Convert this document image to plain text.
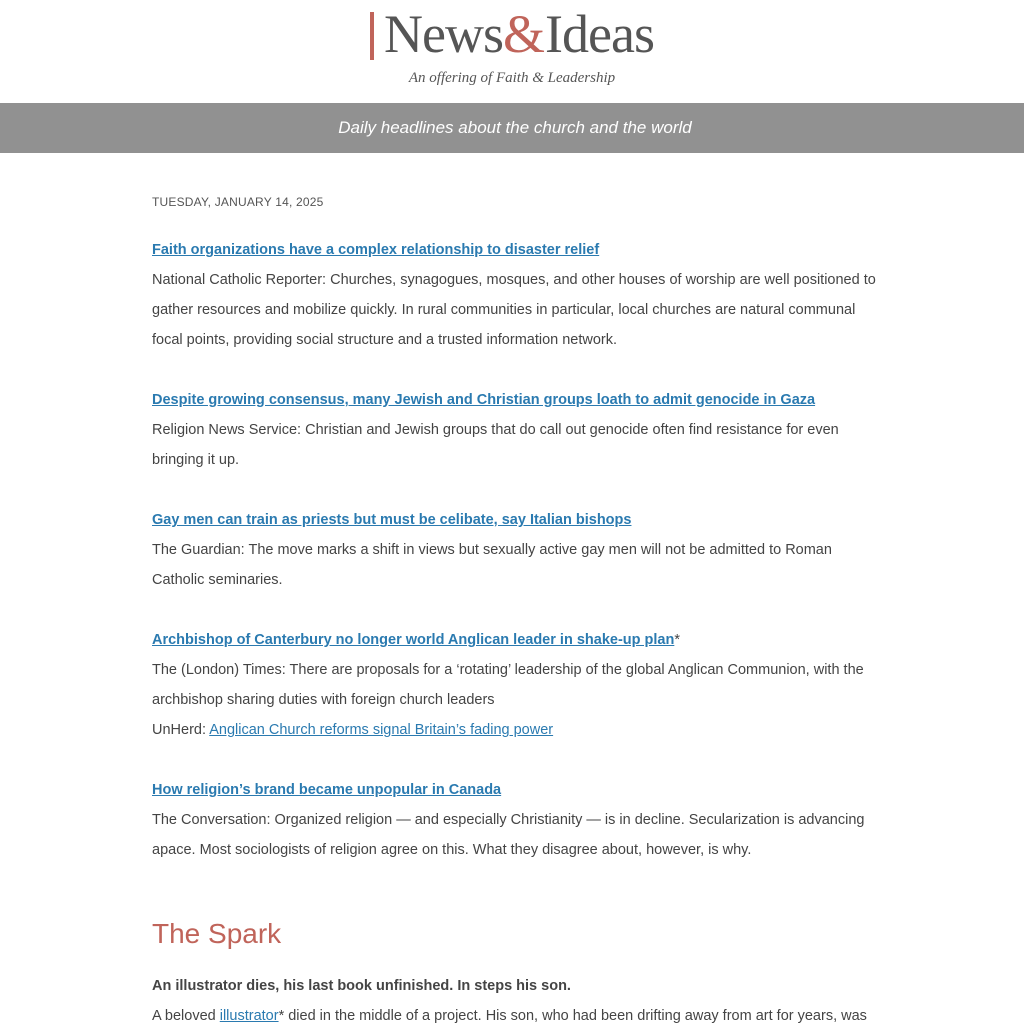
News & Ideas
An offering of Faith & Leadership
Daily headlines about the church and the world
TUESDAY, JANUARY 14, 2025
Faith organizations have a complex relationship to disaster relief
National Catholic Reporter: Churches, synagogues, mosques, and other houses of worship are well positioned to gather resources and mobilize quickly. In rural communities in particular, local churches are natural communal focal points, providing social structure and a trusted information network.
Despite growing consensus, many Jewish and Christian groups loath to admit genocide in Gaza
Religion News Service: Christian and Jewish groups that do call out genocide often find resistance for even bringing it up.
Gay men can train as priests but must be celibate, say Italian bishops
The Guardian: The move marks a shift in views but sexually active gay men will not be admitted to Roman Catholic seminaries.
Archbishop of Canterbury no longer world Anglican leader in shake-up plan*
The (London) Times: There are proposals for a ‘rotating’ leadership of the global Anglican Communion, with the archbishop sharing duties with foreign church leaders
UnHerd: Anglican Church reforms signal Britain’s fading power
How religion’s brand became unpopular in Canada
The Conversation: Organized religion — and especially Christianity — is in decline. Secularization is advancing apace. Most sociologists of religion agree on this. What they disagree about, however, is why.
The Spark
An illustrator dies, his last book unfinished. In steps his son.
A beloved illustrator* died in the middle of a project. His son, who had been drifting away from art for years, was
